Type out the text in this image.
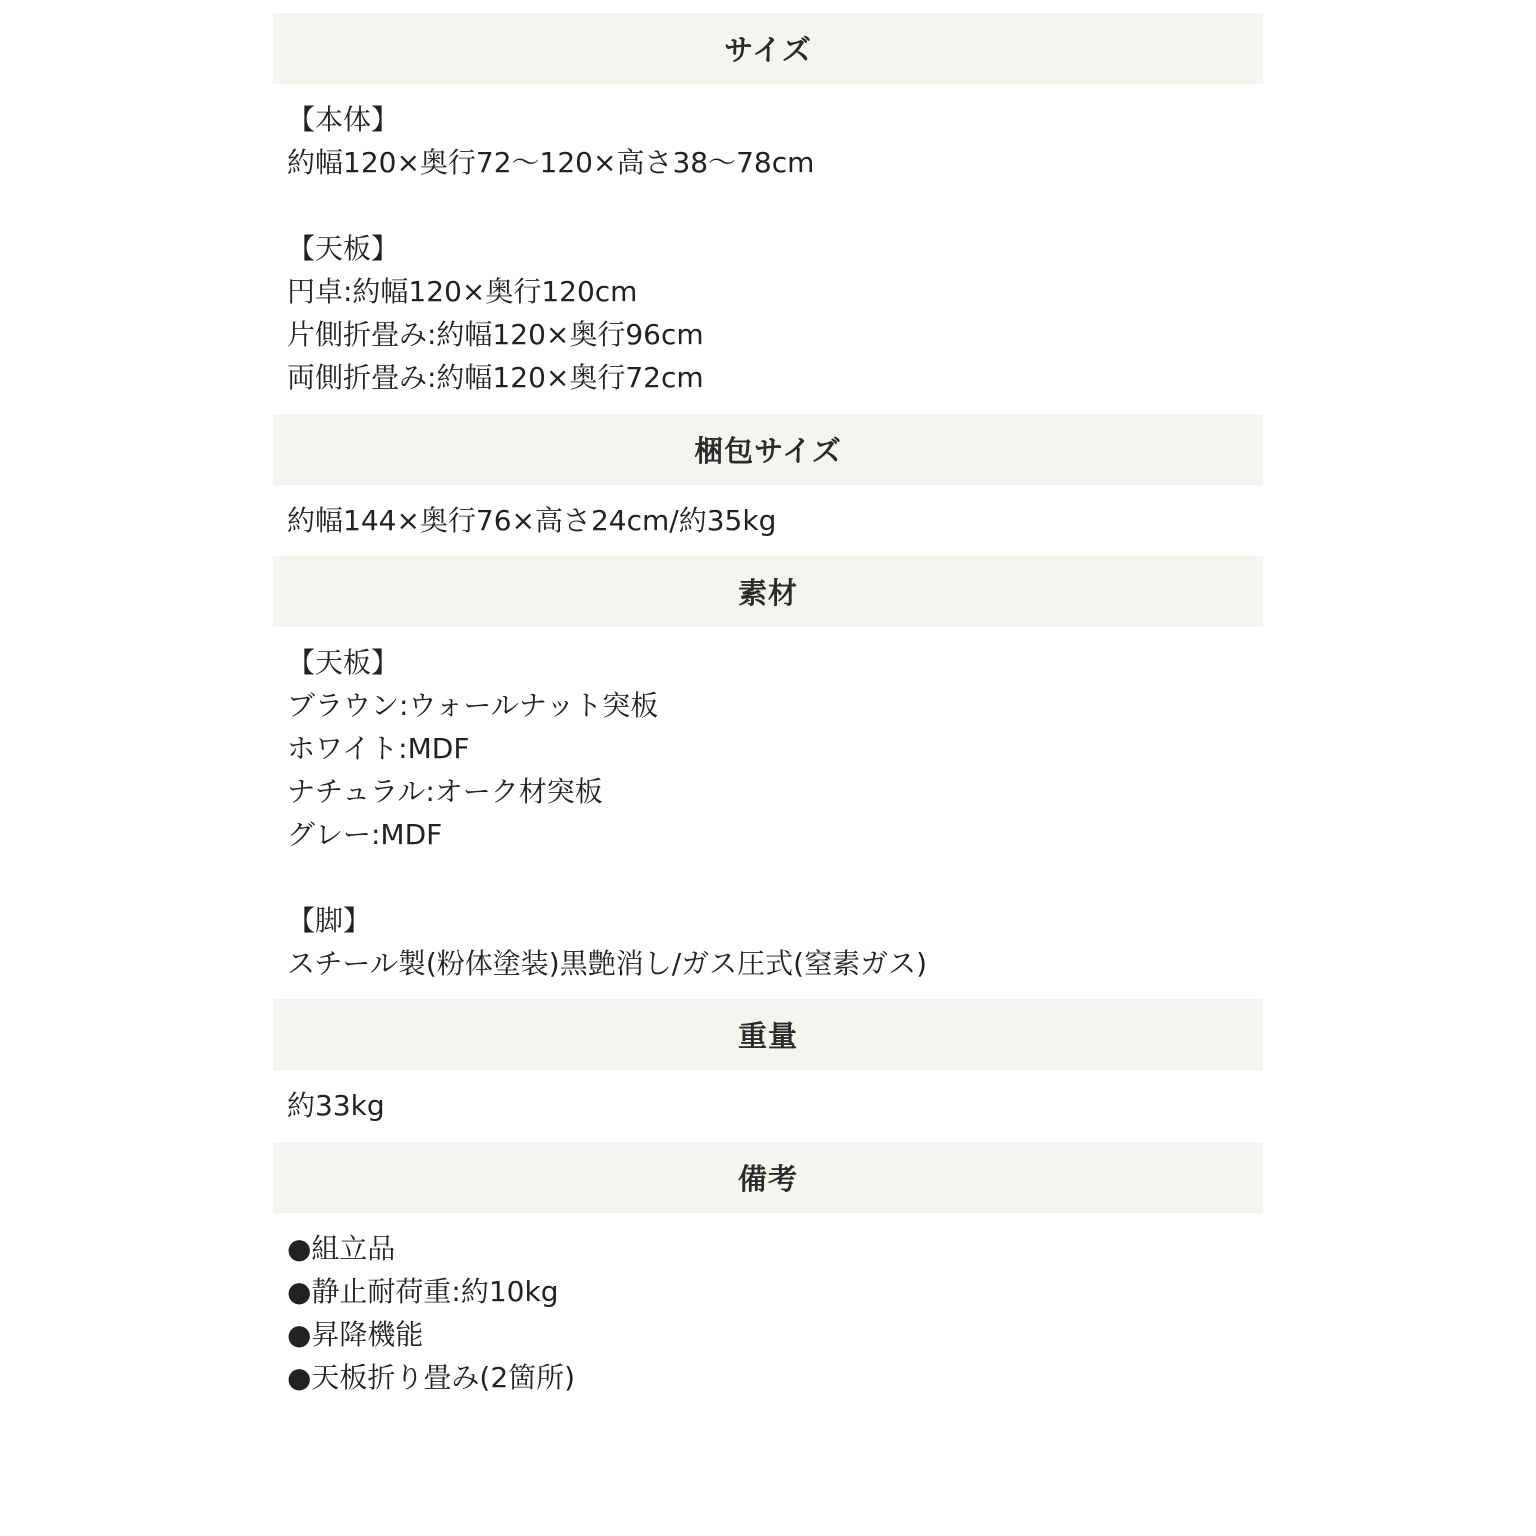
サイズ
【本体】
約幅120×奥行72～120×高さ38～78cm
【天板】
円卓:約幅120×奥行120cm
片側折畳み:約幅120×奥行96cm
両側折畳み:約幅120×奥行72cm
梱包サイズ
約幅144×奥行76×高さ24cm/約35kg
素材
【天板】
ブラウン:ウォールナット突板
ホワイト:MDF
ナチュラル:オーク材突板
グレー:MDF
【脚】
スチール製(粉体塗装)黒艶消し/ガス圧式(窒素ガス)
重量
約33kg
備考
●組立品
●静止耐荷重:約10kg
●昇降機能
●天板折り畳み(2箇所)
